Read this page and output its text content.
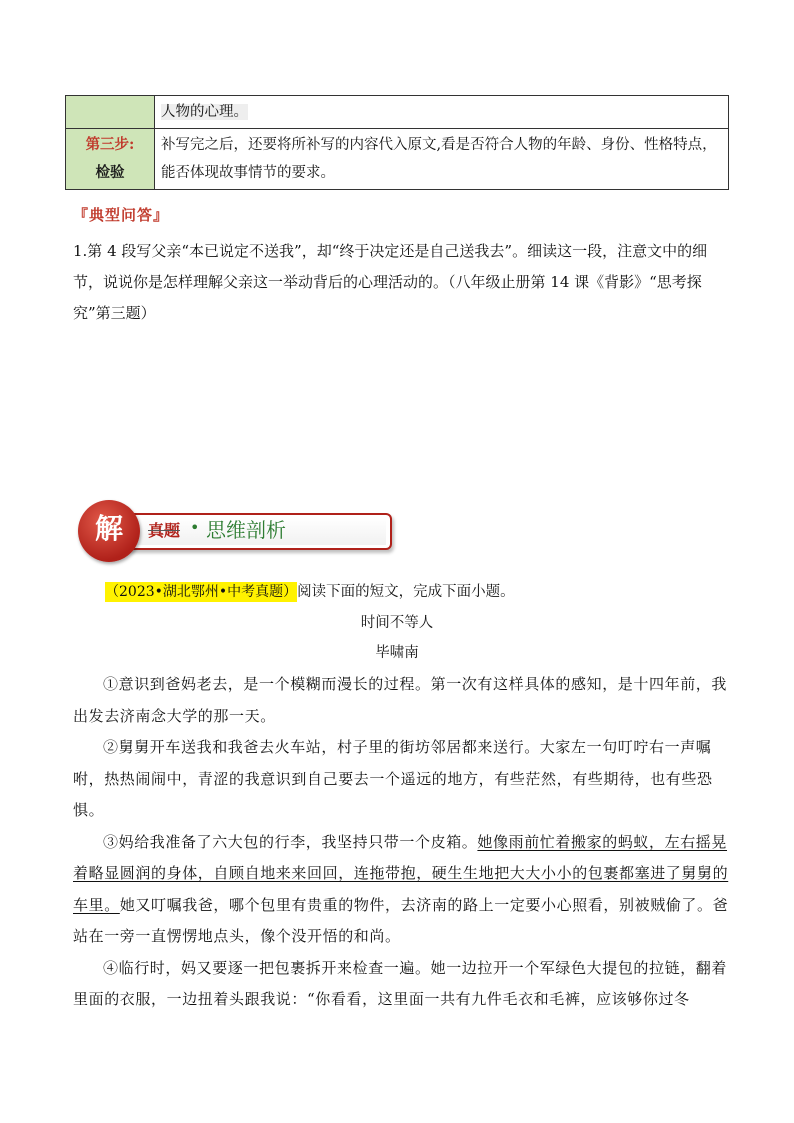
	人物的心理。

第三步:
检验	补写完之后，还要将所补写的内容代入原文,看是否符合人物的年龄、身份、性格特点，能否体现故事情节的要求。
『典型问答』
1.第 4 段写父亲“本已说定不送我”，却“终于决定还是自己送我去”。细读这一段，注意文中的细节，说说你是怎样理解父亲这一举动背后的心理活动的。（八年级止册第 14 课《背影》“思考探究”第三题）
解	真题 • 思维剖析
（2023•湖北鄂州•中考真题）阅读下面的短文，完成下面小题。
时间不等人
毕啸南

①意识到爸妈老去，是一个模糊而漫长的过程。第一次有这样具体的感知，是十四年前，我出发去济南念大学的那一天。

②舅舅开车送我和我爸去火车站，村子里的街坊邻居都来送行。大家左一句叮咛右一声嘱咐，热热闹闹中，青涩的我意识到自己要去一个遥远的地方，有些茫然，有些期待，也有些恐惧。

③妈给我准备了六大包的行李，我坚持只带一个皮箱。她像雨前忙着搬家的蚂蚁，左右摇晃着略显圆润的身体，自顾自地来来回回，连拖带抱，硬生生地把大大小小的包裹都塞进了舅舅的车里。她又叮嘱我爸，哪个包里有贵重的物件，去济南的路上一定要小心照看，别被贼偷了。爸站在一旁一直愣愣地点头，像个没开悟的和尚。

④临行时，妈又要逐一把包裹拆开来检查一遍。她一边拉开一个军绿色大提包的拉链，翻着里面的衣服，一边扭着头跟我说：“你看看，这里面一共有九件毛衣和毛裤，应该够你过冬
